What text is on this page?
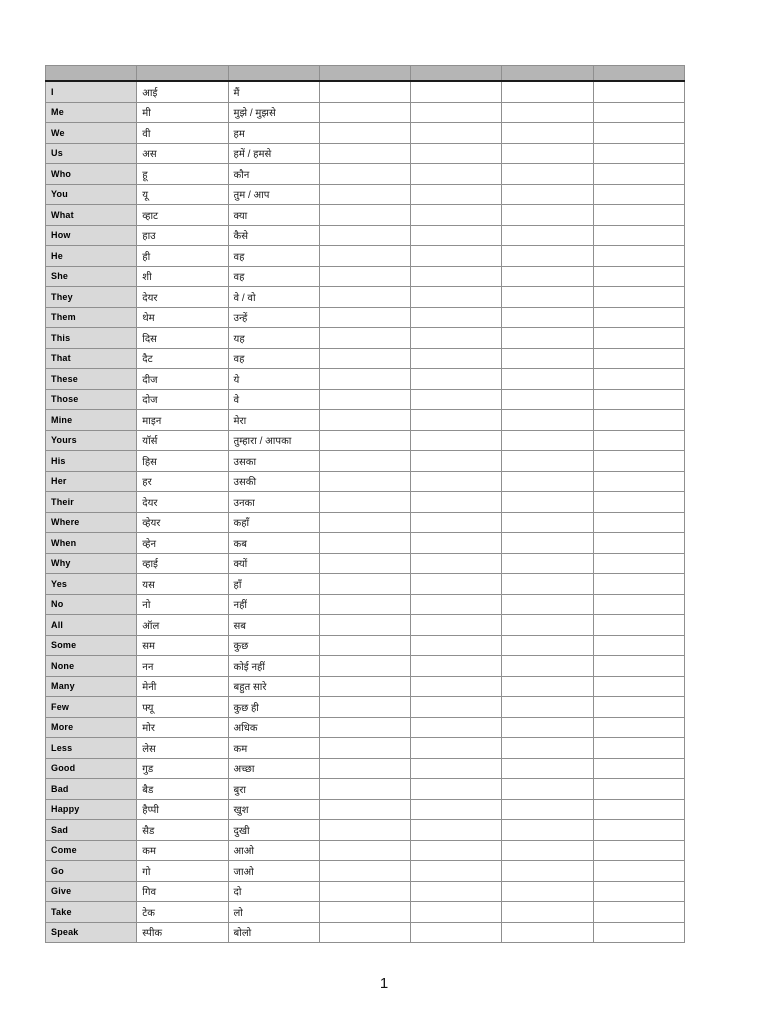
I	आई	मैं				
Me	मी	मुझे / मुझसे				
We	वी	हम				
Us	अस	हमें / हमसे				
Who	हू	कौन				
You	यू	तुम / आप				
What	व्हाट	क्या				
How	हाउ	कैसे				
He	ही	वह				
She	शी	वह				
They	देयर	वे / वो				
Them	थेम	उन्हें				
This	दिस	यह				
That	दैट	वह				
These	दीज	ये				
Those	दोज	वे				
Mine	माइन	मेरा				
Yours	यॉर्स	तुम्हारा / आपका				
His	हिस	उसका				
Her	हर	उसकी				
Their	देयर	उनका				
Where	व्हेयर	कहाँ				
When	व्हेन	कब				
Why	व्हाई	क्यों				
Yes	यस	हाँ				
No	नो	नहीं				
All	ऑल	सब				
Some	सम	कुछ				
None	नन	कोई नहीं				
Many	मेनी	बहुत सारे				
Few	फ्यू	कुछ ही				
More	मोर	अधिक				
Less	लेस	कम				
Good	गुड	अच्छा				
Bad	बैड	बुरा				
Happy	हैप्पी	खुश				
Sad	सैड	दुखी				
Come	कम	आओ				
Go	गो	जाओ				
Give	गिव	दो				
Take	टेक	लो				
Speak	स्पीक	बोलो				
1
